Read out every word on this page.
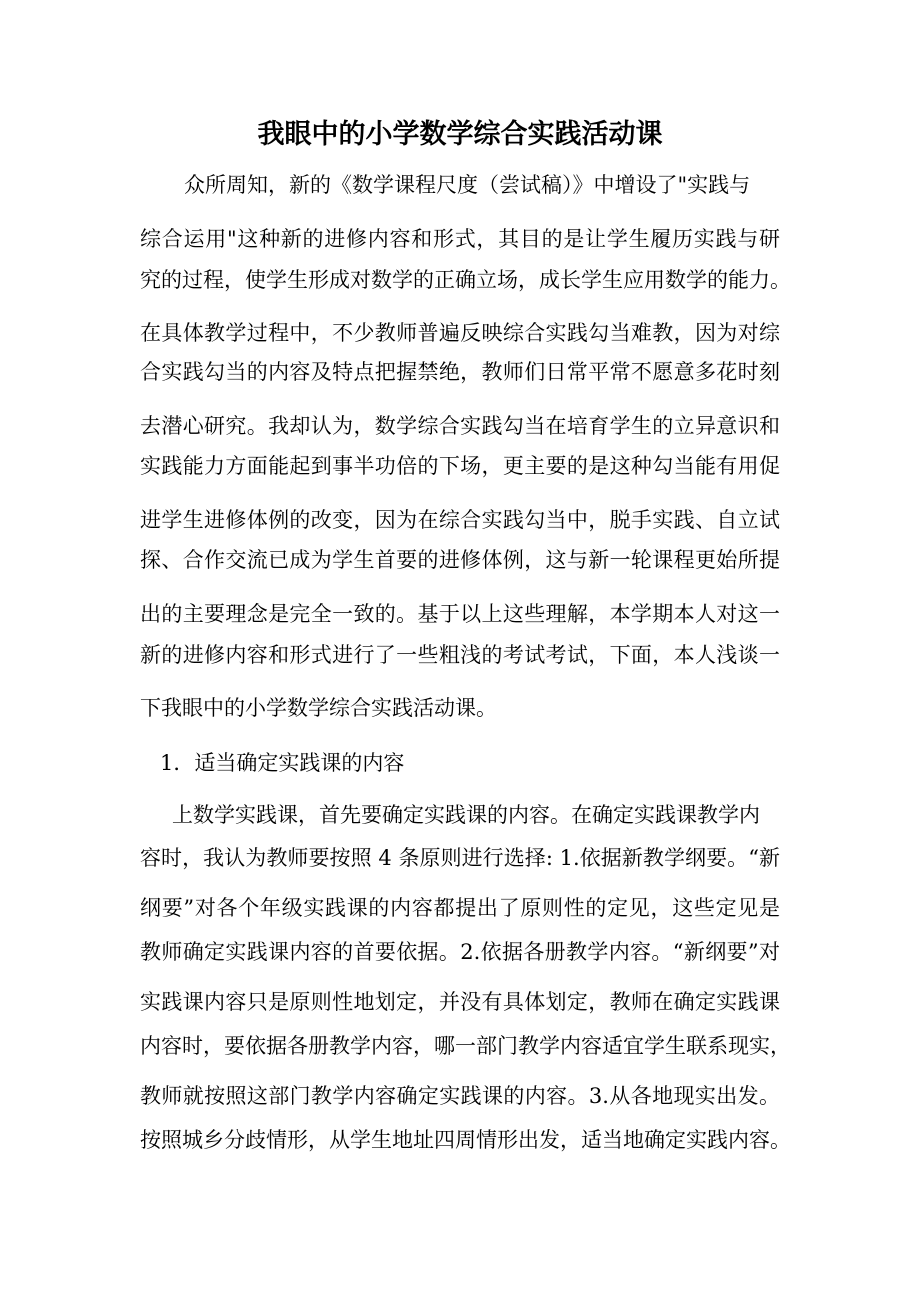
我眼中的小学数学综合实践活动课
众所周知，新的《数学课程尺度（尝试稿）》中增设了"实践与
综合运用"这种新的进修内容和形式，其目的是让学生履历实践与研
究的过程，使学生形成对数学的正确立场，成长学生应用数学的能力。
在具体教学过程中，不少教师普遍反映综合实践勾当难教，因为对综
合实践勾当的内容及特点把握禁绝，教师们日常平常不愿意多花时刻
去潜心研究。我却认为，数学综合实践勾当在培育学生的立异意识和
实践能力方面能起到事半功倍的下场，更主要的是这种勾当能有用促
进学生进修体例的改变，因为在综合实践勾当中，脱手实践、自立试
探、合作交流已成为学生首要的进修体例，这与新一轮课程更始所提
出的主要理念是完全一致的。基于以上这些理解，本学期本人对这一
新的进修内容和形式进行了一些粗浅的考试考试，下面，本人浅谈一
下我眼中的小学数学综合实践活动课。
1．适当确定实践课的内容
上数学实践课，首先要确定实践课的内容。在确定实践课教学内
容时，我认为教师要按照 4 条原则进行选择: 1.依据新教学纲要。“新
纲要”对各个年级实践课的内容都提出了原则性的定见，这些定见是
教师确定实践课内容的首要依据。2.依据各册教学内容。“新纲要”对
实践课内容只是原则性地划定，并没有具体划定，教师在确定实践课
内容时，要依据各册教学内容，哪一部门教学内容适宜学生联系现实，
教师就按照这部门教学内容确定实践课的内容。3.从各地现实出发。
按照城乡分歧情形，从学生地址四周情形出发，适当地确定实践内容。
